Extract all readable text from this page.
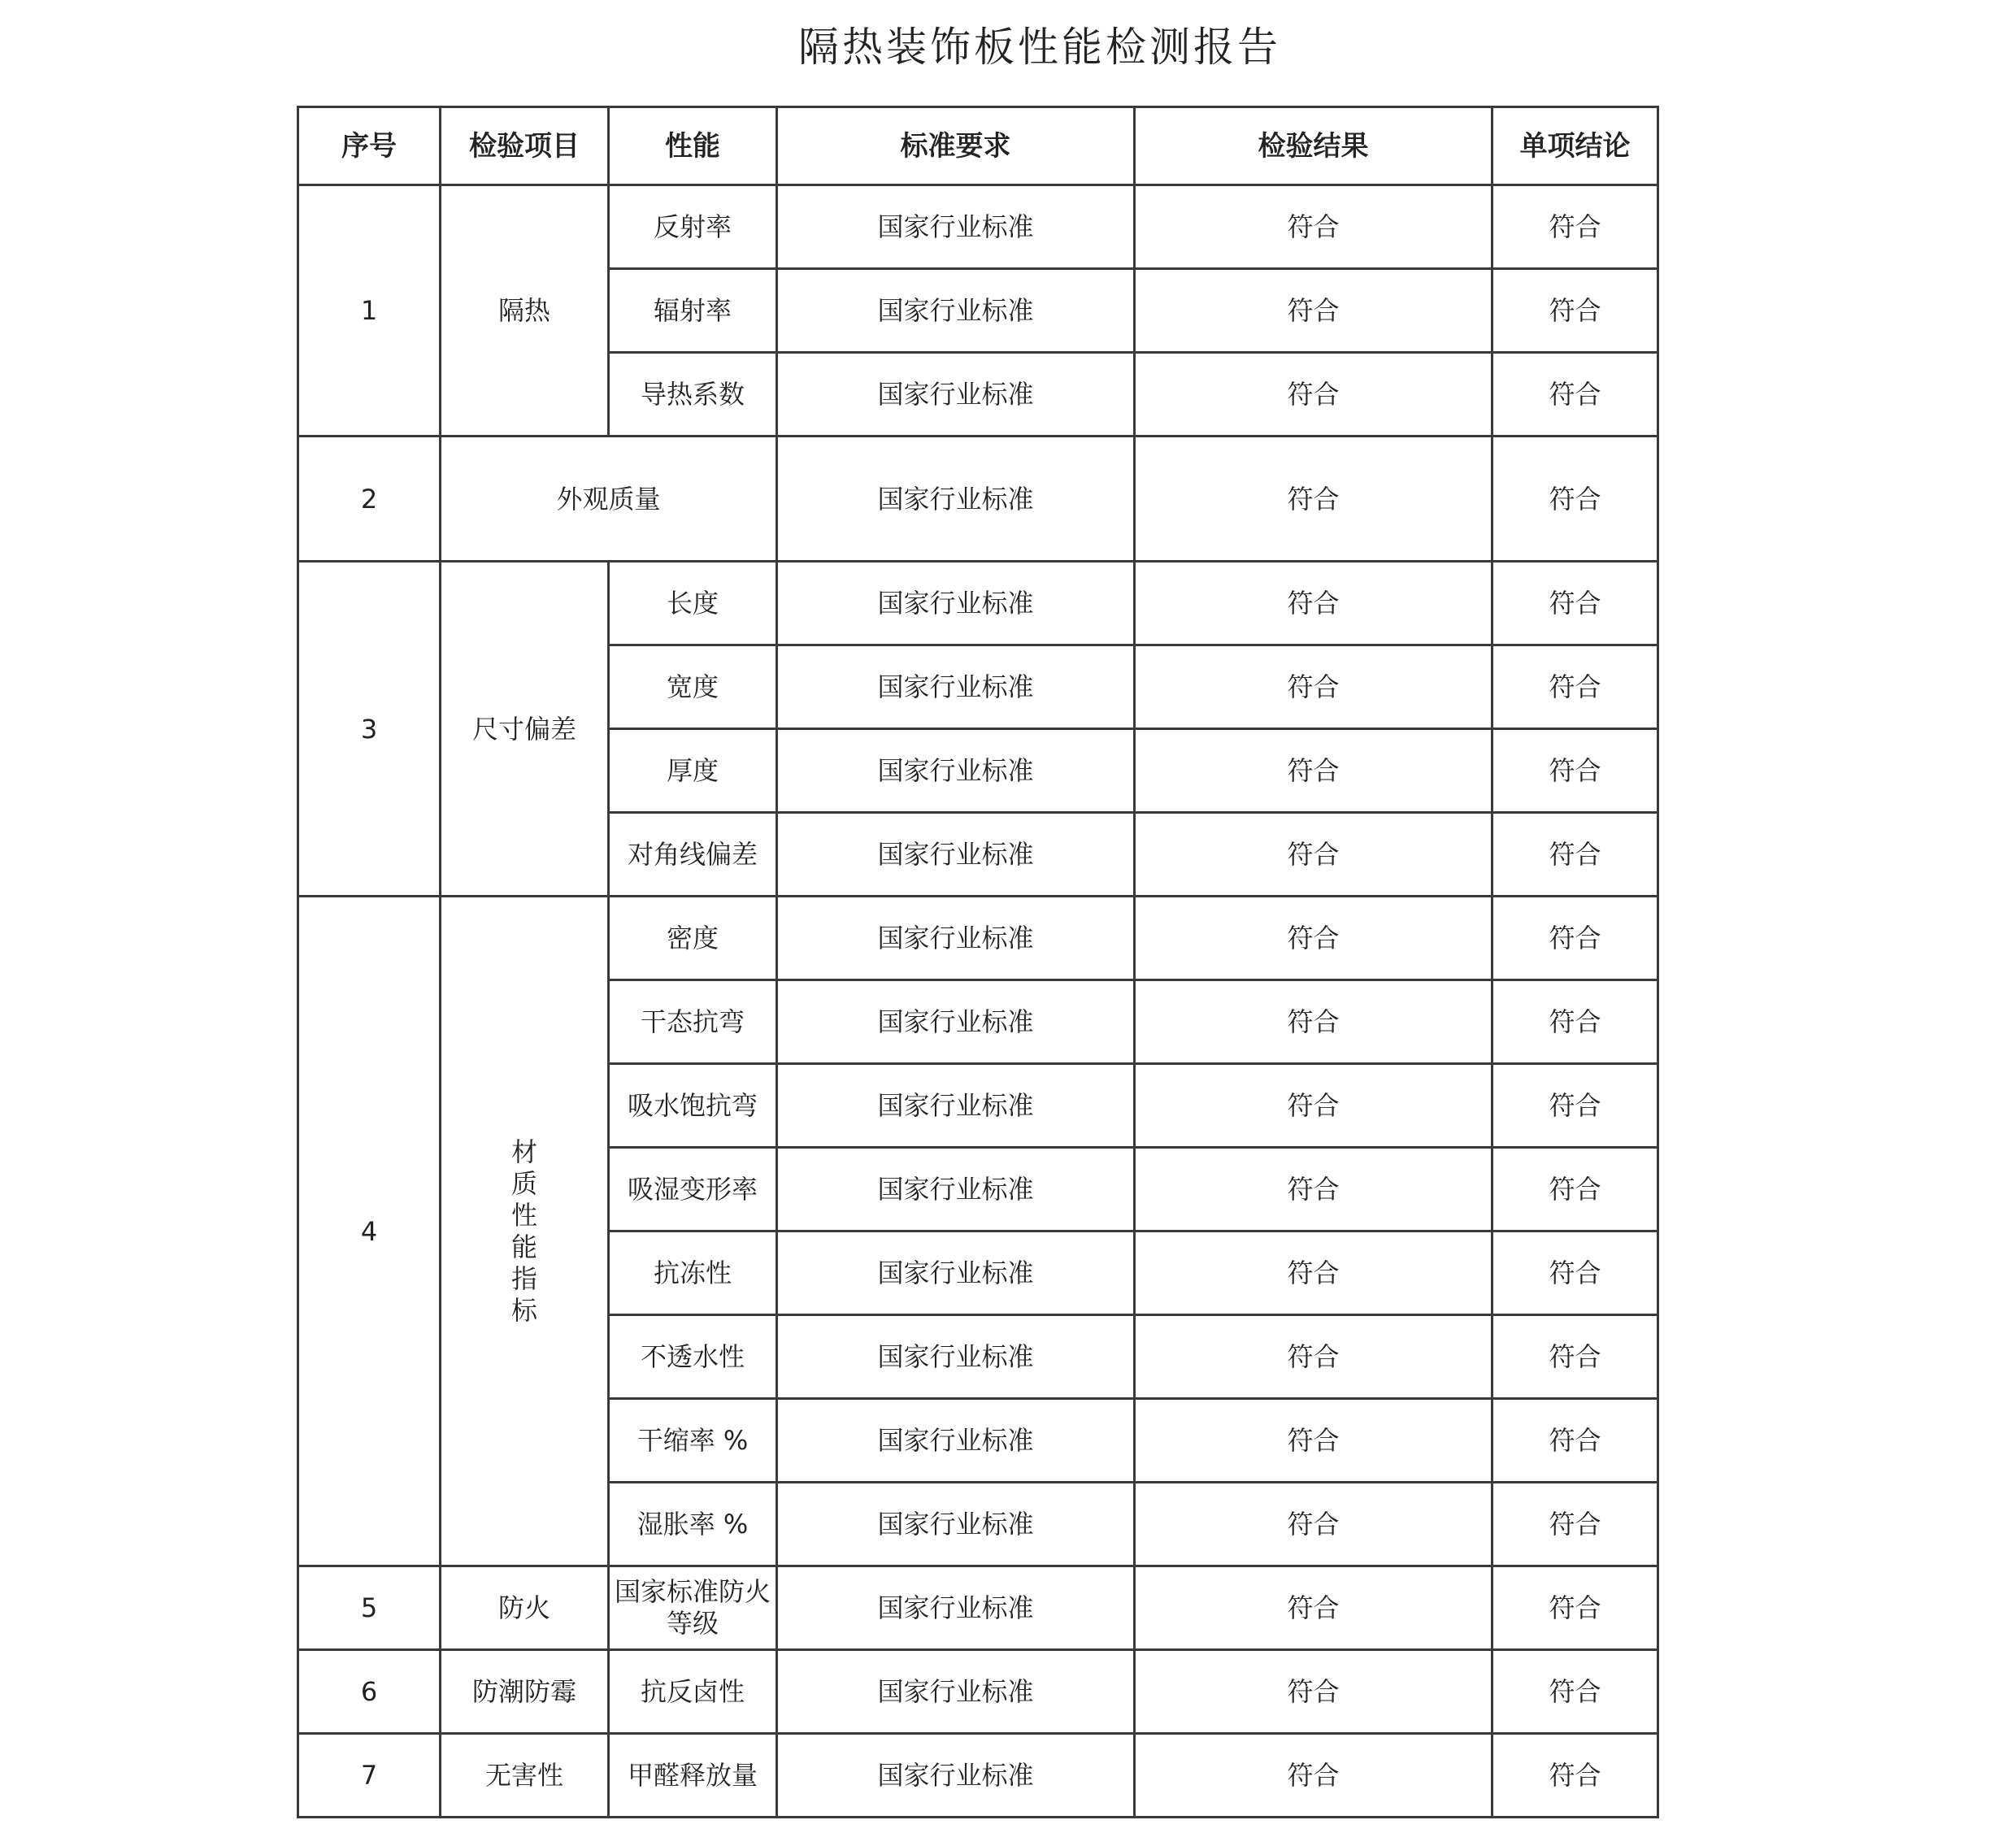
隔热装饰板性能检测报告
序号	检验项目	性能	标准要求	检验结果	单项结论
1	隔热	反射率	国家行业标准	符合	符合
		辐射率	国家行业标准	符合	符合
		导热系数	国家行业标准	符合	符合
2	外观质量		国家行业标准	符合	符合
3	尺寸偏差	长度	国家行业标准	符合	符合
		宽度	国家行业标准	符合	符合
		厚度	国家行业标准	符合	符合
		对角线偏差	国家行业标准	符合	符合
4	材质性能指标	密度	国家行业标准	符合	符合
		干态抗弯	国家行业标准	符合	符合
		吸水饱抗弯	国家行业标准	符合	符合
		吸湿变形率	国家行业标准	符合	符合
		抗冻性	国家行业标准	符合	符合
		不透水性	国家行业标准	符合	符合
		干缩率 %	国家行业标准	符合	符合
		湿胀率 %	国家行业标准	符合	符合
5	防火	国家标准防火等级	国家行业标准	符合	符合
6	防潮防霉	抗反卤性	国家行业标准	符合	符合
7	无害性	甲醛释放量	国家行业标准	符合	符合
